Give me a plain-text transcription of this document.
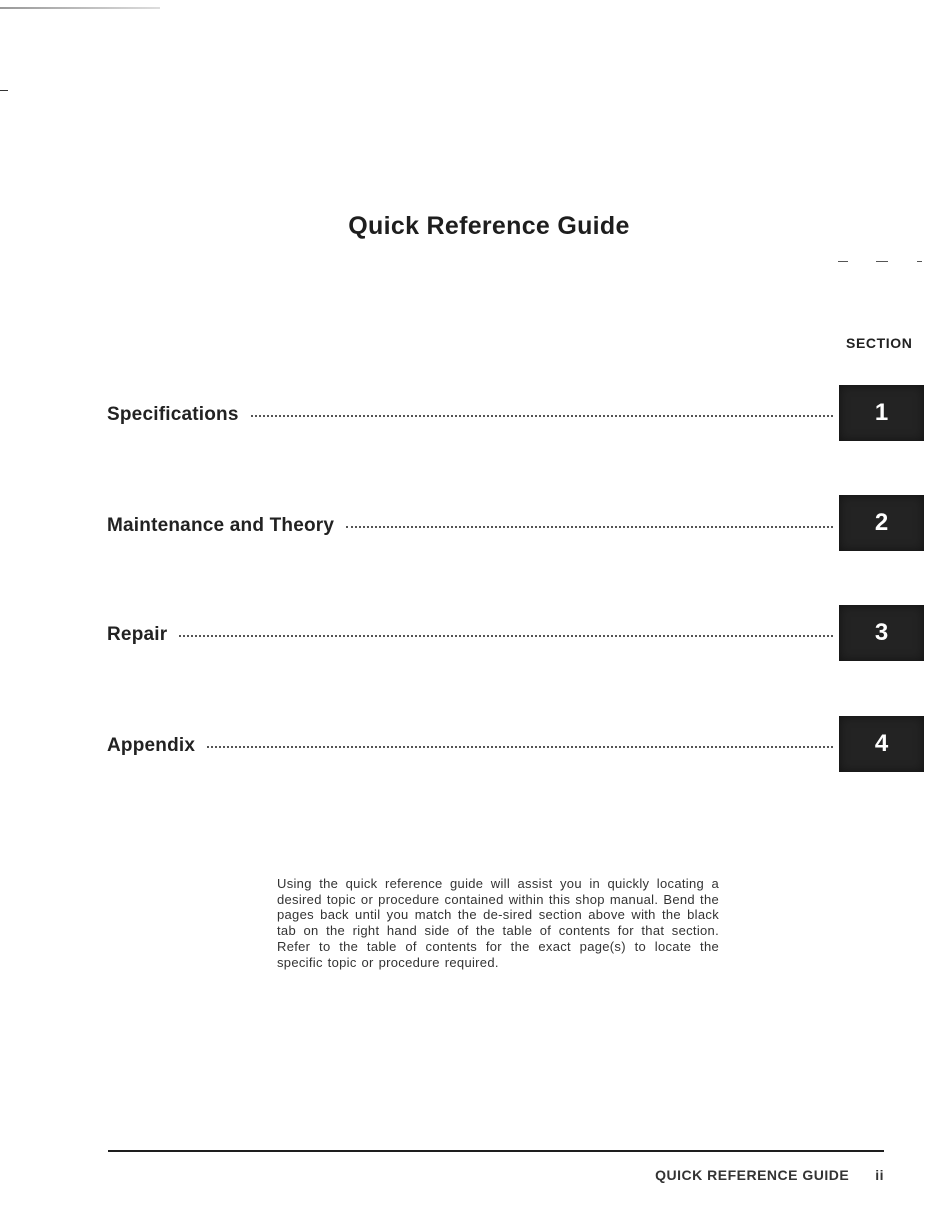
Quick Reference Guide
SECTION
Specifications	1
Maintenance and Theory	2
Repair	3
Appendix	4

Using the quick reference guide will assist you in quickly locating a desired topic or procedure contained within this shop manual. Bend the pages back until you match the de-sired section above with the black tab on the right hand side of the table of contents for that section. Refer to the table of contents for the exact page(s) to locate the specific topic or procedure required.

QUICK REFERENCE GUIDE ii
